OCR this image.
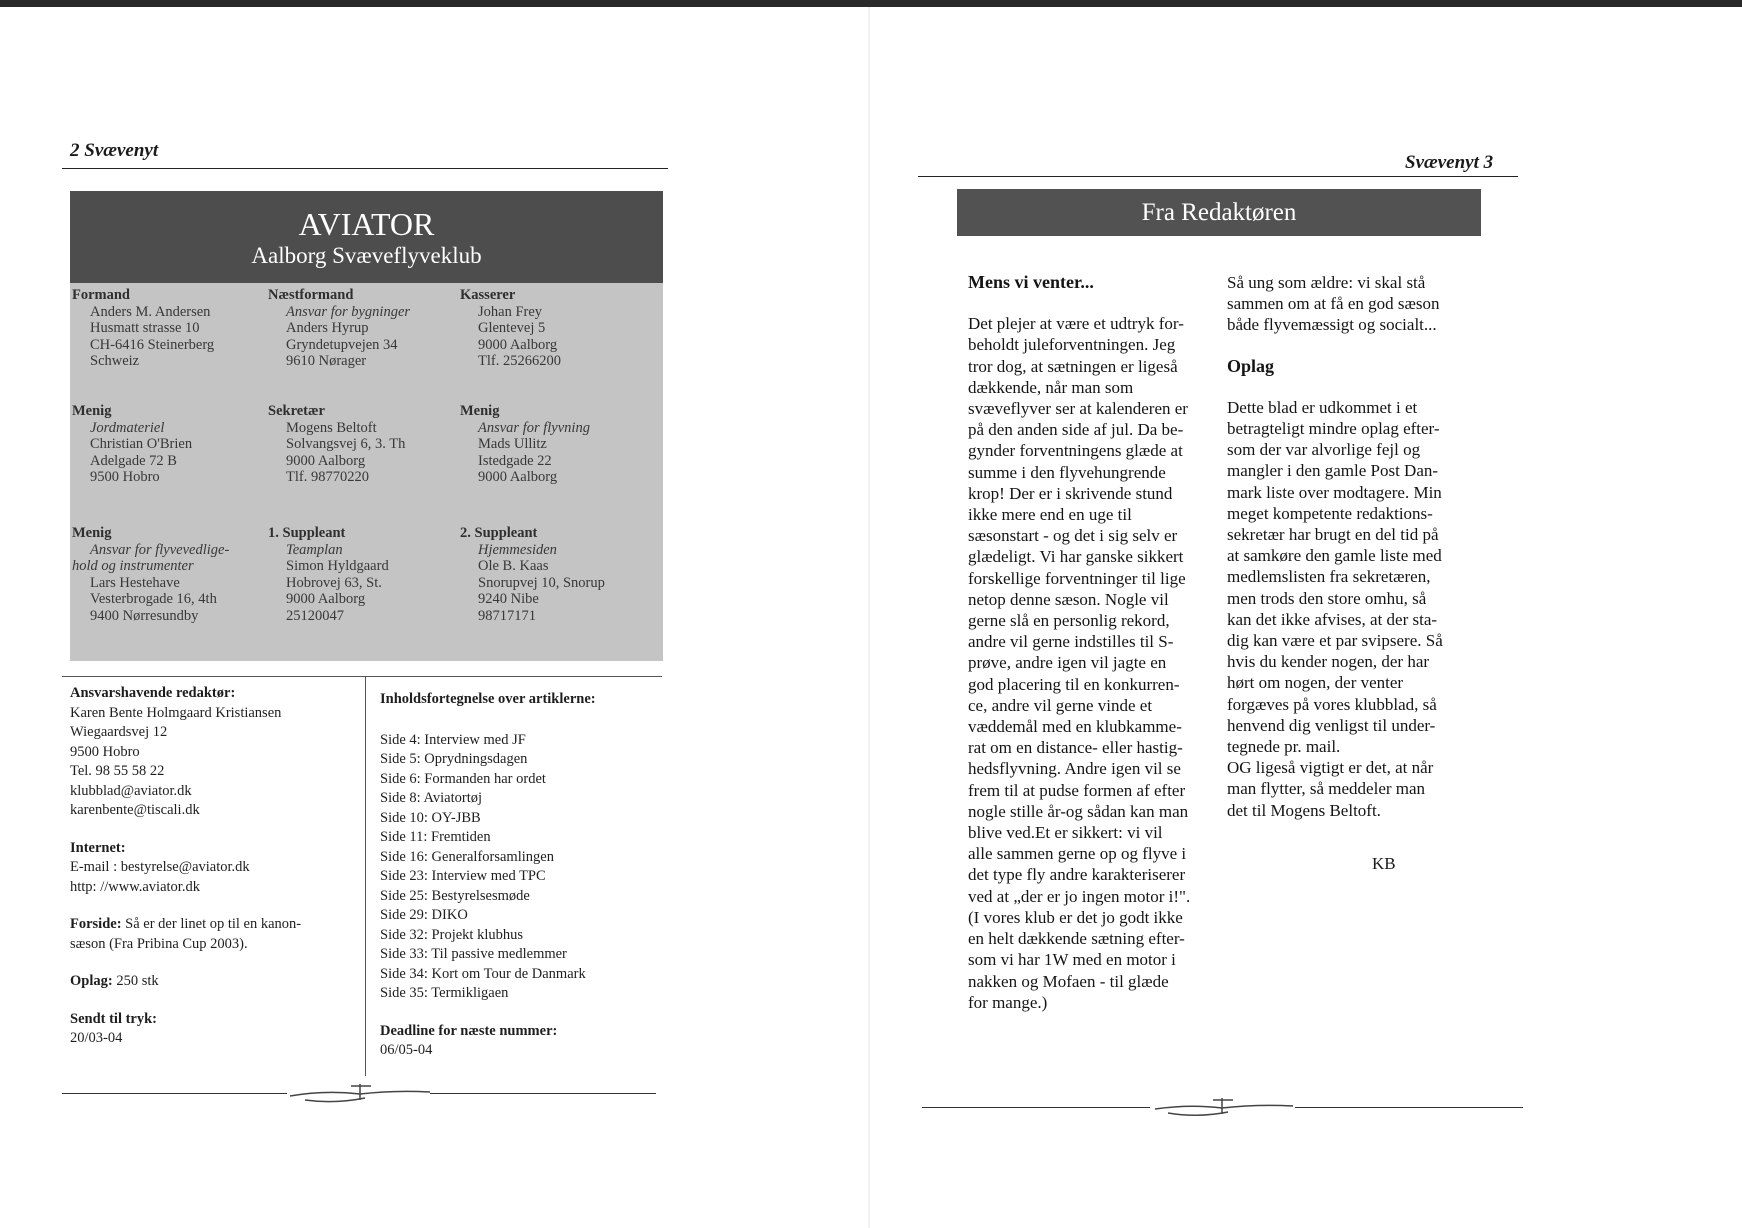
2 Svævenyt
AVIATOR
Aalborg Svæveflyveklub
Formand
Anders M. Andersen
Husmatt strasse 10
CH-6416 Steinerberg
Schweiz
Næstformand
Ansvar for bygninger
Anders Hyrup
Gryndetupvejen 34
9610 Nørager
Kasserer
Johan Frey
Glentevej 5
9000 Aalborg
Tlf. 25266200
Menig
Jordmateriel
Christian O'Brien
Adelgade 72 B
9500 Hobro
Sekretær
Mogens Beltoft
Solvangsvej 6, 3. Th
9000 Aalborg
Tlf. 98770220
Menig
Ansvar for flyvning
Mads Ullitz
Istedgade 22
9000 Aalborg
Menig
Ansvar for flyvevedlige-
hold og instrumenter
Lars Hestehave
Vesterbrogade 16, 4th
9400 Nørresundby
1. Suppleant
Teamplan
Simon Hyldgaard
Hobrovej 63, St.
9000 Aalborg
25120047
2. Suppleant
Hjemmesiden
Ole B. Kaas
Snorupvej 10, Snorup
9240 Nibe
98717171
Ansvarshavende redaktør:
Karen Bente Holmgaard Kristiansen
Wiegaardsvej 12
9500 Hobro
Tel. 98 55 58 22
klubblad@aviator.dk
karenbente@tiscali.dk
Internet:
E-mail : bestyrelse@aviator.dk
http: //www.aviator.dk
Forside: Så er der linet op til en kanon-
sæson (Fra Pribina Cup 2003).
Oplag: 250 stk
Sendt til tryk:
20/03-04
Inholdsfortegnelse over artiklerne:
Side 4: Interview med JF
Side 5: Oprydningsdagen
Side 6: Formanden har ordet
Side 8: Aviatortøj
Side 10: OY-JBB
Side 11: Fremtiden
Side 16: Generalforsamlingen
Side 23: Interview med TPC
Side 25: Bestyrelsesmøde
Side 29: DIKO
Side 32: Projekt klubhus
Side 33: Til passive medlemmer
Side 34: Kort om Tour de Danmark
Side 35: Termikligaen
Deadline for næste nummer:
06/05-04
Svævenyt 3
Fra Redaktøren
Mens vi venter...

Det plejer at være et udtryk for-
beholdt juleforventningen. Jeg
tror dog, at sætningen er ligeså
dækkende, når man som
svæveflyver ser at kalenderen er
på den anden side af jul. Da be-
gynder forventningens glæde at
summe i den flyvehungrende
krop! Der er i skrivende stund
ikke mere end en uge til
sæsonstart - og det i sig selv er
glædeligt. Vi har ganske sikkert
forskellige forventninger til lige
netop denne sæson. Nogle vil
gerne slå en personlig rekord,
andre vil gerne indstilles til S-
prøve, andre igen vil jagte en
god placering til en konkurren-
ce, andre vil gerne vinde et
væddemål med en klubkamme-
rat om en distance- eller hastig-
hedsflyvning. Andre igen vil se
frem til at pudse formen af efter
nogle stille år-og sådan kan man
blive ved.Et er sikkert: vi vil
alle sammen gerne op og flyve i
det type fly andre karakteriserer
ved at „der er jo ingen motor i!".
(I vores klub er det jo godt ikke
en helt dækkende sætning efter-
som vi har 1W med en motor i
nakken og Mofaen - til glæde
for mange.)

Så ung som ældre: vi skal stå
sammen om at få en god sæson
både flyvemæssigt og socialt...

Oplag

Dette blad er udkommet i et
betragteligt mindre oplag efter-
som der var alvorlige fejl og
mangler i den gamle Post Dan-
mark liste over modtagere. Min
meget kompetente redaktions-
sekretær har brugt en del tid på
at samkøre den gamle liste med
medlemslisten fra sekretæren,
men trods den store omhu, så
kan det ikke afvises, at der sta-
dig kan være et par svipsere. Så
hvis du kender nogen, der har
hørt om nogen, der venter
forgæves på vores klubblad, så
henvend dig venligst til under-
tegnede pr. mail.
OG ligeså vigtigt er det, at når
man flytter, så meddeler man
det til Mogens Beltoft.

KB
